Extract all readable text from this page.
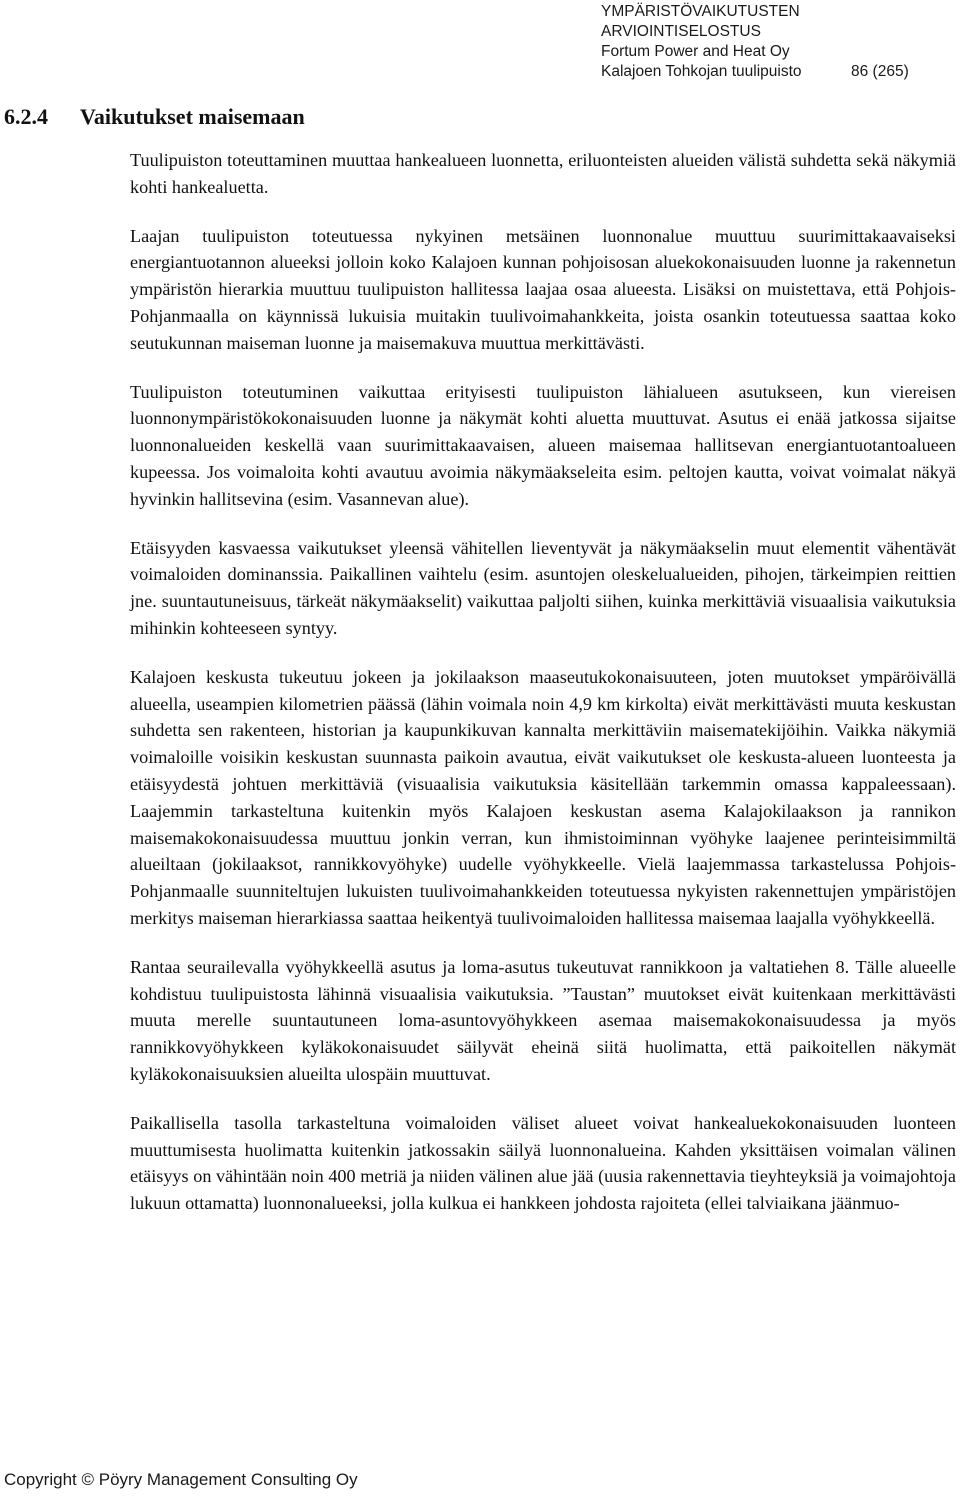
YMPÄRISTÖVAIKUTUSTEN
ARVIOINTISELOSTUS
Fortum Power and Heat Oy
Kalajoen Tohkojan tuulipuisto	86 (265)
6.2.4 Vaikutukset maisemaan

Tuulipuiston toteuttaminen muuttaa hankealueen luonnetta, eriluonteisten alueiden välistä suhdetta sekä näkymiä kohti hankealuetta.

Laajan tuulipuiston toteutuessa nykyinen metsäinen luonnonalue muuttuu suurimittakaavaiseksi energiantuotannon alueeksi jolloin koko Kalajoen kunnan pohjoisosan aluekokonaisuuden luonne ja rakennetun ympäristön hierarkia muuttuu tuulipuiston hallitessa laajaa osaa alueesta. Lisäksi on muistettava, että Pohjois-Pohjanmaalla on käynnissä lukuisia muitakin tuulivoimahankkeita, joista osankin toteutuessa saattaa koko seutukunnan maiseman luonne ja maisemakuva muuttua merkittävästi.

Tuulipuiston toteutuminen vaikuttaa erityisesti tuulipuiston lähialueen asutukseen, kun viereisen luonnonympäristökokonaisuuden luonne ja näkymät kohti aluetta muuttuvat. Asutus ei enää jatkossa sijaitse luonnonalueiden keskellä vaan suurimittakaavaisen, alueen maisemaa hallitsevan energiantuotantoalueen kupeessa. Jos voimaloita kohti avautuu avoimia näkymäakseleita esim. peltojen kautta, voivat voimalat näkyä hyvinkin hallitsevina (esim. Vasannevan alue).

Etäisyyden kasvaessa vaikutukset yleensä vähitellen lieventyvät ja näkymäakselin muut elementit vähentävät voimaloiden dominanssia. Paikallinen vaihtelu (esim. asuntojen oleskelualueiden, pihojen, tärkeimpien reittien jne. suuntautuneisuus, tärkeät näkymäakselit) vaikuttaa paljolti siihen, kuinka merkittäviä visuaalisia vaikutuksia mihinkin kohteeseen syntyy.

Kalajoen keskusta tukeutuu jokeen ja jokilaakson maaseutukokonaisuuteen, joten muutokset ympäröivällä alueella, useampien kilometrien päässä (lähin voimala noin 4,9 km kirkolta) eivät merkittävästi muuta keskustan suhdetta sen rakenteen, historian ja kaupunkikuvan kannalta merkittäviin maisematekijöihin. Vaikka näkymiä voimaloille voisikin keskustan suunnasta paikoin avautua, eivät vaikutukset ole keskusta-alueen luonteesta ja etäisyydestä johtuen merkittäviä (visuaalisia vaikutuksia käsitellään tarkemmin omassa kappaleessaan). Laajemmin tarkasteltuna kuitenkin myös Kalajoen keskustan asema Kalajokilaakson ja rannikon maisemakokonaisuudessa muuttuu jonkin verran, kun ihmistoiminnan vyöhyke laajenee perinteisimmiltä alueiltaan (jokilaaksot, rannikkovyöhyke) uudelle vyöhykkeelle. Vielä laajemmassa tarkastelussa Pohjois-Pohjanmaalle suunniteltujen lukuisten tuulivoimahankkeiden toteutuessa nykyisten rakennettujen ympäristöjen merkitys maiseman hierarkiassa saattaa heikentyä tuulivoimaloiden hallitessa maisemaa laajalla vyöhykkeellä.

Rantaa seurailevalla vyöhykkeellä asutus ja loma-asutus tukeutuvat rannikkoon ja valtatiehen 8. Tälle alueelle kohdistuu tuulipuistosta lähinnä visuaalisia vaikutuksia. ”Taustan” muutokset eivät kuitenkaan merkittävästi muuta merelle suuntautuneen loma-asuntovyöhykkeen asemaa maisemakokonaisuudessa ja myös rannikkovyöhykkeen kyläkokonaisuudet säilyvät eheinä siitä huolimatta, että paikoitellen näkymät kyläkokonaisuuksien alueilta ulospäin muuttuvat.

Paikallisella tasolla tarkasteltuna voimaloiden väliset alueet voivat hankealuekokonaisuuden luonteen muuttumisesta huolimatta kuitenkin jatkossakin säilyä luonnonalueina. Kahden yksittäisen voimalan välinen etäisyys on vähintään noin 400 metriä ja niiden välinen alue jää (uusia rakennettavia tieyhteyksiä ja voimajohtoja lukuun ottamatta) luonnonalueeksi, jolla kulkua ei hankkeen johdosta rajoiteta (ellei talviaikana jäänmuo-

Copyright © Pöyry Management Consulting Oy
